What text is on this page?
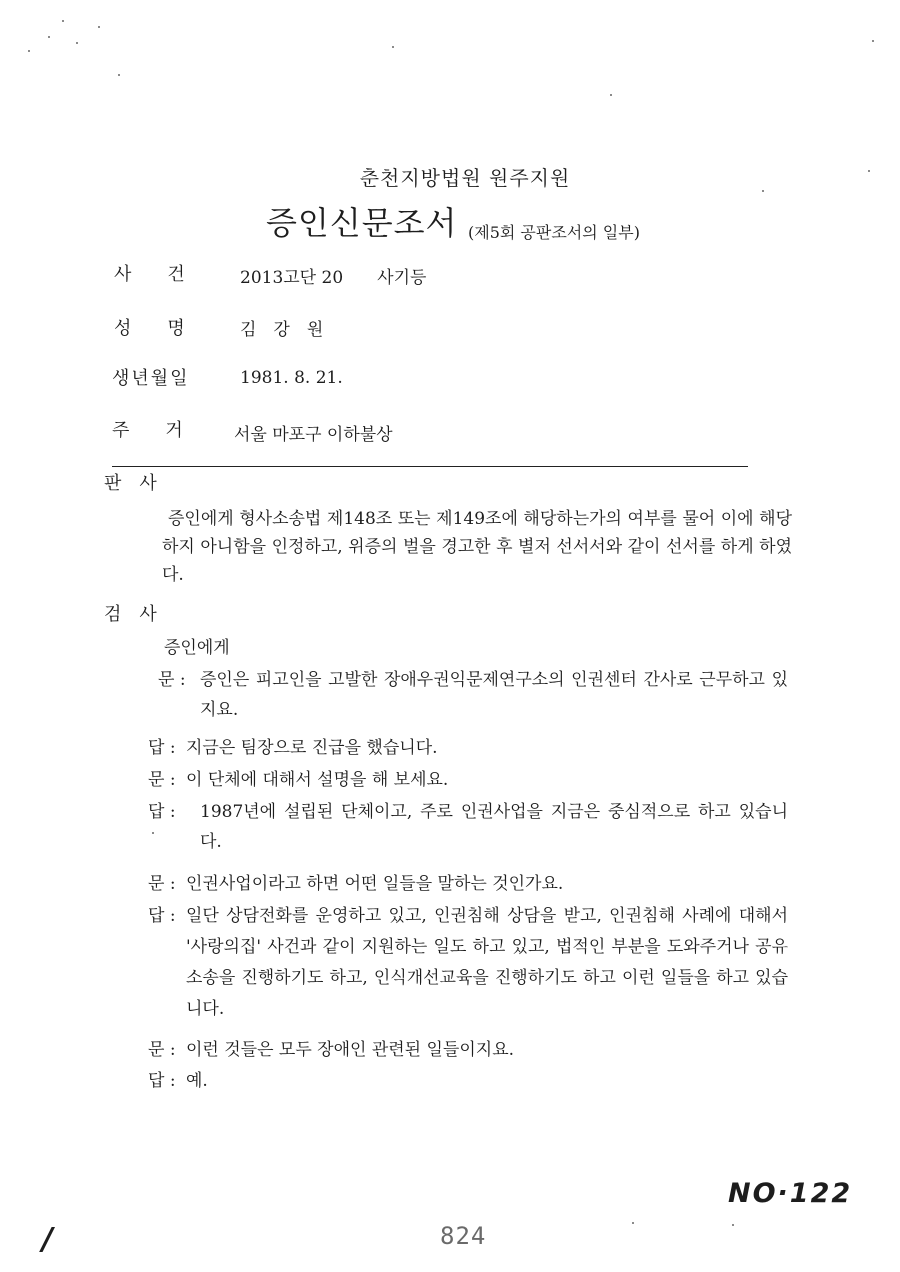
춘천지방법원 원주지원
증인신문조서 (제5회 공판조서의 일부)
사　　건	2013고단 20　　사기등
성　　명	김　강　원
생년월일	1981. 8. 21.
주　　거	서울 마포구 이하불상
판　사
증인에게 형사소송법 제148조 또는 제149조에 해당하는가의 여부를 물어 이에 해당하지 아니함을 인정하고, 위증의 벌을 경고한 후 별저 선서서와 같이 선서를 하게 하였다.
검　사
증인에게
문 : 증인은 피고인을 고발한 장애우권익문제연구소의 인권센터 간사로 근무하고 있지요.
답 : 지금은 팀장으로 진급을 했습니다.
문 : 이 단체에 대해서 설명을 해 보세요.
답 : 1987년에 설립된 단체이고, 주로 인권사업을 지금은 중심적으로 하고 있습니다.
문 : 인권사업이라고 하면 어떤 일들을 말하는 것인가요.
답 : 일단 상담전화를 운영하고 있고, 인권침해 상담을 받고, 인권침해 사례에 대해서 '사랑의집' 사건과 같이 지원하는 일도 하고 있고, 법적인 부분을 도와주거나 공유소송을 진행하기도 하고, 인식개선교육을 진행하기도 하고 이런 일들을 하고 있습니다.
문 : 이런 것들은 모두 장애인 관련된 일들이지요.
답 : 예.
NO·122
824
/
